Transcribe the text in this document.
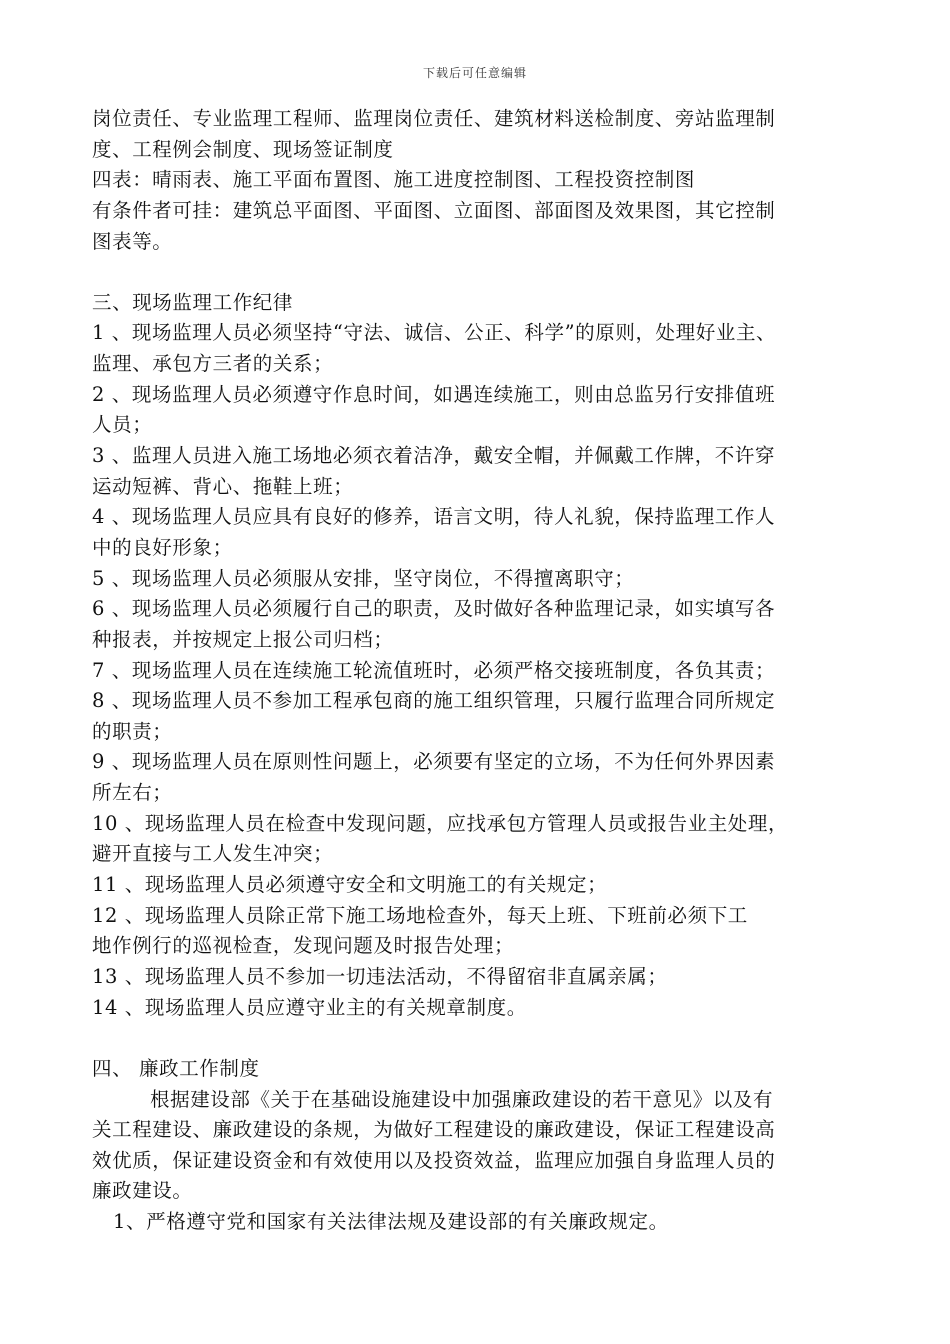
下载后可任意编辑
岗位责任、专业监理工程师、监理岗位责任、建筑材料送检制度、旁站监理制
度、工程例会制度、现场签证制度
四表：晴雨表、施工平面布置图、施工进度控制图、工程投资控制图
有条件者可挂：建筑总平面图、平面图、立面图、部面图及效果图，其它控制
图表等。
三、现场监理工作纪律
1 、现场监理人员必须坚持“守法、诚信、公正、科学”的原则，处理好业主、
监理、承包方三者的关系；
2 、现场监理人员必须遵守作息时间，如遇连续施工，则由总监另行安排值班
人员；
3 、监理人员进入施工场地必须衣着洁净，戴安全帽，并佩戴工作牌，不许穿
运动短裤、背心、拖鞋上班；
4 、现场监理人员应具有良好的修养，语言文明，待人礼貌，保持监理工作人
中的良好形象；
5 、现场监理人员必须服从安排，坚守岗位，不得擅离职守；
6 、现场监理人员必须履行自己的职责，及时做好各种监理记录，如实填写各
种报表，并按规定上报公司归档；
7 、现场监理人员在连续施工轮流值班时，必须严格交接班制度，各负其责；
8 、现场监理人员不参加工程承包商的施工组织管理，只履行监理合同所规定
的职责；
9 、现场监理人员在原则性问题上，必须要有坚定的立场，不为任何外界因素
所左右；
10 、现场监理人员在检查中发现问题，应找承包方管理人员或报告业主处理，
避开直接与工人发生冲突；
11 、现场监理人员必须遵守安全和文明施工的有关规定；
12 、现场监理人员除正常下施工场地检查外，每天上班、下班前必须下工
地作例行的巡视检查，发现问题及时报告处理；
13 、现场监理人员不参加一切违法活动，不得留宿非直属亲属；
14 、现场监理人员应遵守业主的有关规章制度。
四、 廉政工作制度
根据建设部《关于在基础设施建设中加强廉政建设的若干意见》以及有
关工程建设、廉政建设的条规，为做好工程建设的廉政建设，保证工程建设高
效优质，保证建设资金和有效使用以及投资效益，监理应加强自身监理人员的
廉政建设。
1、严格遵守党和国家有关法律法规及建设部的有关廉政规定。
